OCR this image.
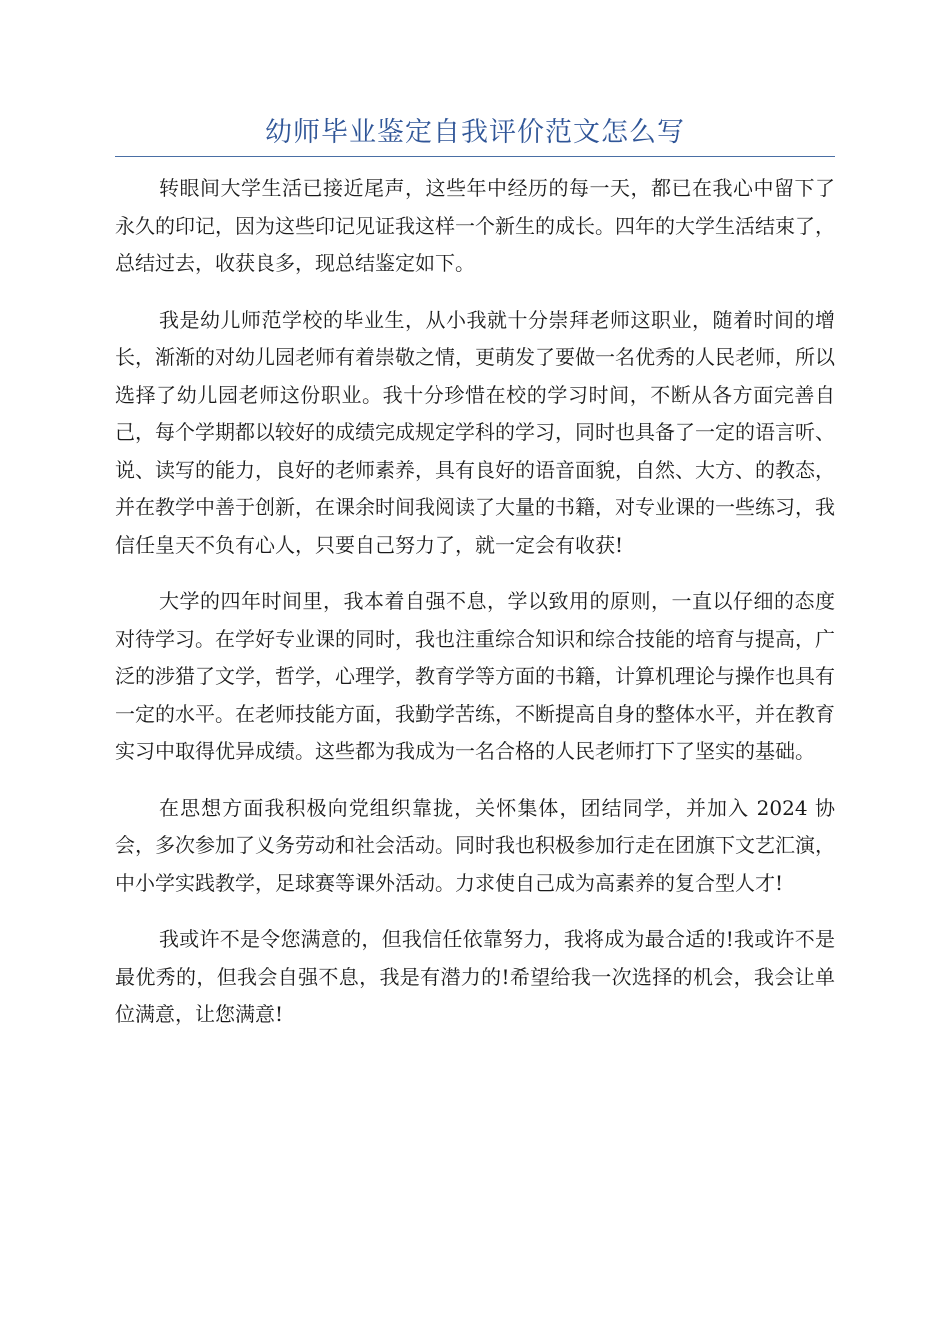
幼师毕业鉴定自我评价范文怎么写

转眼间大学生活已接近尾声，这些年中经历的每一天，都已在我心中留下了永久的印记，因为这些印记见证我这样一个新生的成长。四年的大学生活结束了，总结过去，收获良多，现总结鉴定如下。

我是幼儿师范学校的毕业生，从小我就十分崇拜老师这职业，随着时间的增长，渐渐的对幼儿园老师有着崇敬之情，更萌发了要做一名优秀的人民老师，所以选择了幼儿园老师这份职业。我十分珍惜在校的学习时间，不断从各方面完善自己，每个学期都以较好的成绩完成规定学科的学习，同时也具备了一定的语言听、说、读写的能力，良好的老师素养，具有良好的语音面貌，自然、大方、的教态，并在教学中善于创新，在课余时间我阅读了大量的书籍，对专业课的一些练习，我信任皇天不负有心人，只要自己努力了，就一定会有收获!

大学的四年时间里，我本着自强不息，学以致用的原则，一直以仔细的态度对待学习。在学好专业课的同时，我也注重综合知识和综合技能的培育与提高，广泛的涉猎了文学，哲学，心理学，教育学等方面的书籍，计算机理论与操作也具有一定的水平。在老师技能方面，我勤学苦练，不断提高自身的整体水平，并在教育实习中取得优异成绩。这些都为我成为一名合格的人民老师打下了坚实的基础。

在思想方面我积极向党组织靠拢，关怀集体，团结同学，并加入 2024 协会，多次参加了义务劳动和社会活动。同时我也积极参加行走在团旗下文艺汇演，中小学实践教学，足球赛等课外活动。力求使自己成为高素养的复合型人才!

我或许不是令您满意的，但我信任依靠努力，我将成为最合适的!我或许不是最优秀的，但我会自强不息，我是有潜力的!希望给我一次选择的机会，我会让单位满意，让您满意!
